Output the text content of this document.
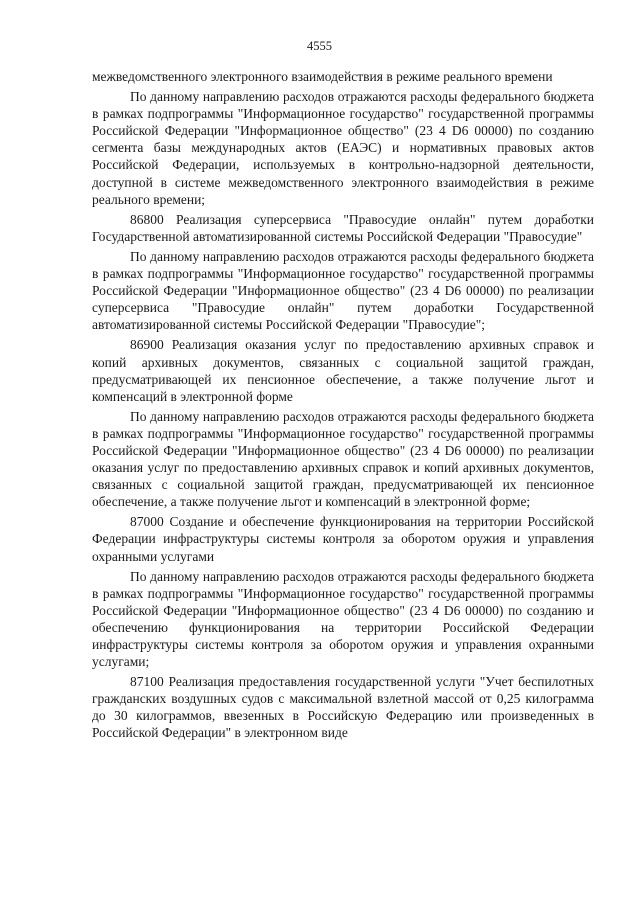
4555

межведомственного электронного взаимодействия в режиме реального времени

По данному направлению расходов отражаются расходы федерального бюджета в рамках подпрограммы "Информационное государство" государственной программы Российской Федерации "Информационное общество" (23 4 D6 00000) по созданию сегмента базы международных актов (ЕАЭС) и нормативных правовых актов Российской Федерации, используемых в контрольно-надзорной деятельности, доступной в системе межведомственного электронного взаимодействия в режиме реального времени;

86800 Реализация суперсервиса "Правосудие онлайн" путем доработки Государственной автоматизированной системы Российской Федерации "Правосудие"

По данному направлению расходов отражаются расходы федерального бюджета в рамках подпрограммы "Информационное государство" государственной программы Российской Федерации "Информационное общество" (23 4 D6 00000) по реализации суперсервиса "Правосудие онлайн" путем доработки Государственной автоматизированной системы Российской Федерации "Правосудие";

86900 Реализация оказания услуг по предоставлению архивных справок и копий архивных документов, связанных с социальной защитой граждан, предусматривающей их пенсионное обеспечение, а также получение льгот и компенсаций в электронной форме

По данному направлению расходов отражаются расходы федерального бюджета в рамках подпрограммы "Информационное государство" государственной программы Российской Федерации "Информационное общество" (23 4 D6 00000) по реализации оказания услуг по предоставлению архивных справок и копий архивных документов, связанных с социальной защитой граждан, предусматривающей их пенсионное обеспечение, а также получение льгот и компенсаций в электронной форме;

87000 Создание и обеспечение функционирования на территории Российской Федерации инфраструктуры системы контроля за оборотом оружия и управления охранными услугами

По данному направлению расходов отражаются расходы федерального бюджета в рамках подпрограммы "Информационное государство" государственной программы Российской Федерации "Информационное общество" (23 4 D6 00000) по созданию и обеспечению функционирования на территории Российской Федерации инфраструктуры системы контроля за оборотом оружия и управления охранными услугами;

87100 Реализация предоставления государственной услуги "Учет беспилотных гражданских воздушных судов с максимальной взлетной массой от 0,25 килограмма до 30 килограммов, ввезенных в Российскую Федерацию или произведенных в Российской Федерации" в электронном виде
